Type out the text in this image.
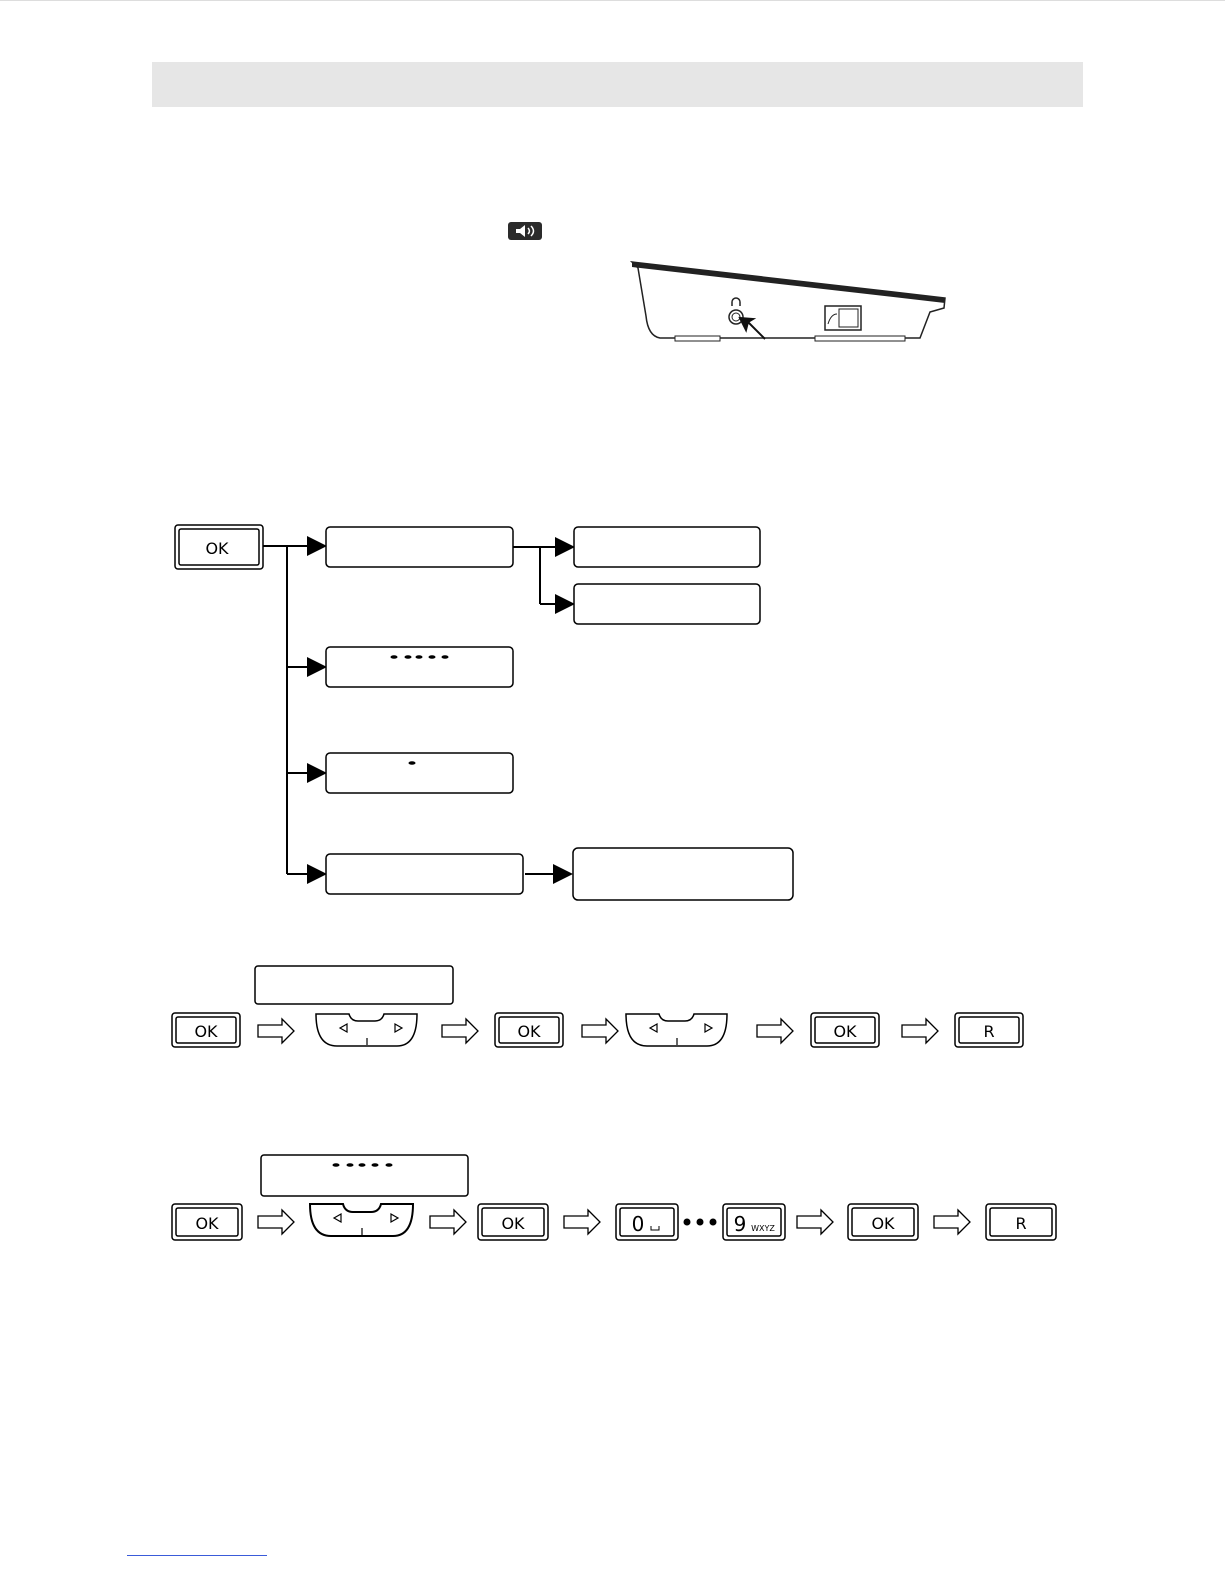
OK
OK	OK	OK	R
OK	OK	0	9 WXYZ	OK	R
